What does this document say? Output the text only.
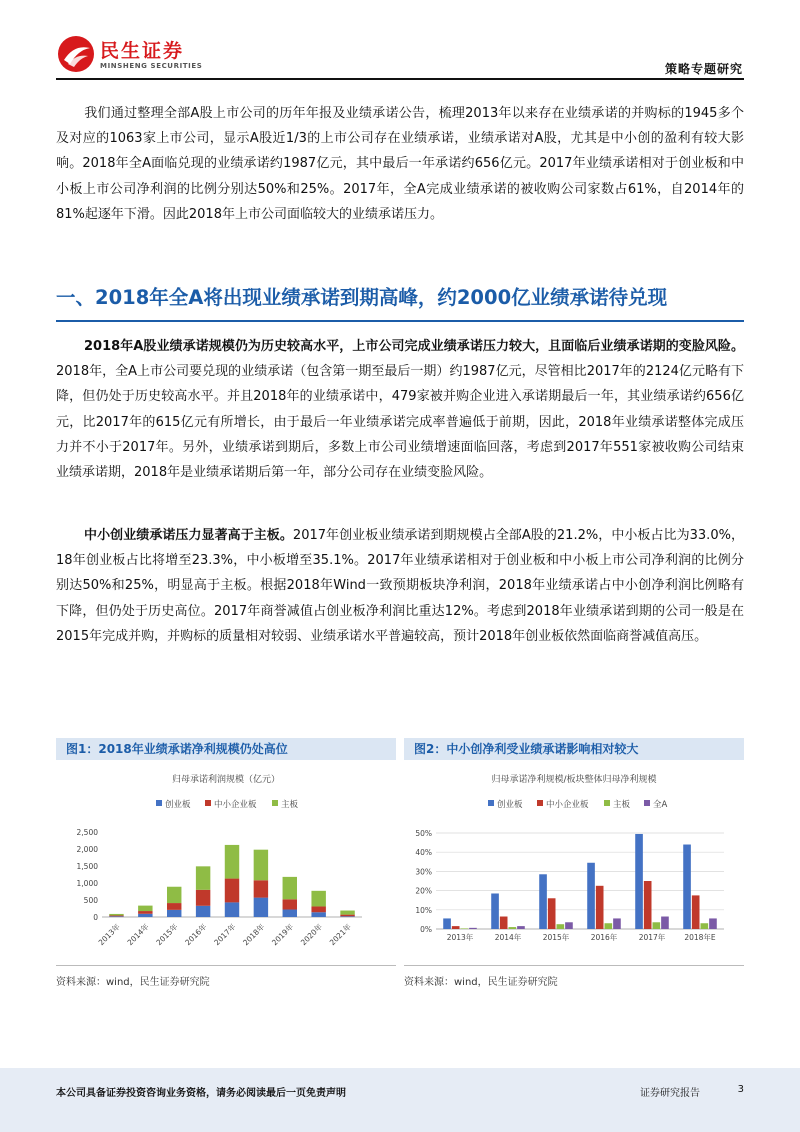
民生证券
MINSHENG SECURITIES	策略专题研究

我们通过整理全部A股上市公司的历年年报及业绩承诺公告，梳理2013年以来存在业绩承诺的并购标的1945多个及对应的1063家上市公司，显示A股近1/3的上市公司存在业绩承诺，业绩承诺对A股，尤其是中小创的盈利有较大影响。2018年全A面临兑现的业绩承诺约1987亿元，其中最后一年承诺约656亿元。2017年业绩承诺相对于创业板和中小板上市公司净利润的比例分别达50%和25%。2017年，全A完成业绩承诺的被收购公司家数占61%，自2014年的81%起逐年下滑。因此2018年上市公司面临较大的业绩承诺压力。

一、2018年全A将出现业绩承诺到期高峰，约2000亿业绩承诺待兑现

2018年A股业绩承诺规模仍为历史较高水平，上市公司完成业绩承诺压力较大，且面临后业绩承诺期的变脸风险。2018年，全A上市公司要兑现的业绩承诺（包含第一期至最后一期）约1987亿元，尽管相比2017年的2124亿元略有下降，但仍处于历史较高水平。并且2018年的业绩承诺中，479家被并购企业进入承诺期最后一年，其业绩承诺约656亿元，比2017年的615亿元有所增长，由于最后一年业绩承诺完成率普遍低于前期，因此，2018年业绩承诺整体完成压力并不小于2017年。另外，业绩承诺到期后，多数上市公司业绩增速面临回落，考虑到2017年551家被收购公司结束业绩承诺期，2018年是业绩承诺期后第一年，部分公司存在业绩变脸风险。

中小创业绩承诺压力显著高于主板。2017年创业板业绩承诺到期规模占全部A股的21.2%，中小板占比为33.0%，18年创业板占比将增至23.3%，中小板增至35.1%。2017年业绩承诺相对于创业板和中小板上市公司净利润的比例分别达50%和25%，明显高于主板。根据2018年Wind一致预期板块净利润，2018年业绩承诺占中小创净利润比例略有下降，但仍处于历史高位。2017年商誉减值占创业板净利润比重达12%。考虑到2018年业绩承诺到期的公司一般是在2015年完成并购，并购标的质量相对较弱、业绩承诺水平普遍较高，预计2018年创业板依然面临商誉减值高压。

图1：2018年业绩承诺净利规模仍处高位
归母承诺利润规模（亿元）
创业板	中小企业板	主板
2,500
2,000
1,500
1,000
500
0
2013年 2014年 2015年 2016年 2017年 2018年 2019年 2020年 2021年
资料来源：wind，民生证券研究院
图2：中小创净利受业绩承诺影响相对较大
归母承诺净利规模/板块整体归母净利规模
创业板	中小企业板	主板	全A
50%
40%
30%
20%
10%
0%
2013年	2014年	2015年	2016年	2017年	2018年E
资料来源：wind，民生证券研究院
本公司具备证券投资咨询业务资格，请务必阅读最后一页免责声明	证券研究报告	3
